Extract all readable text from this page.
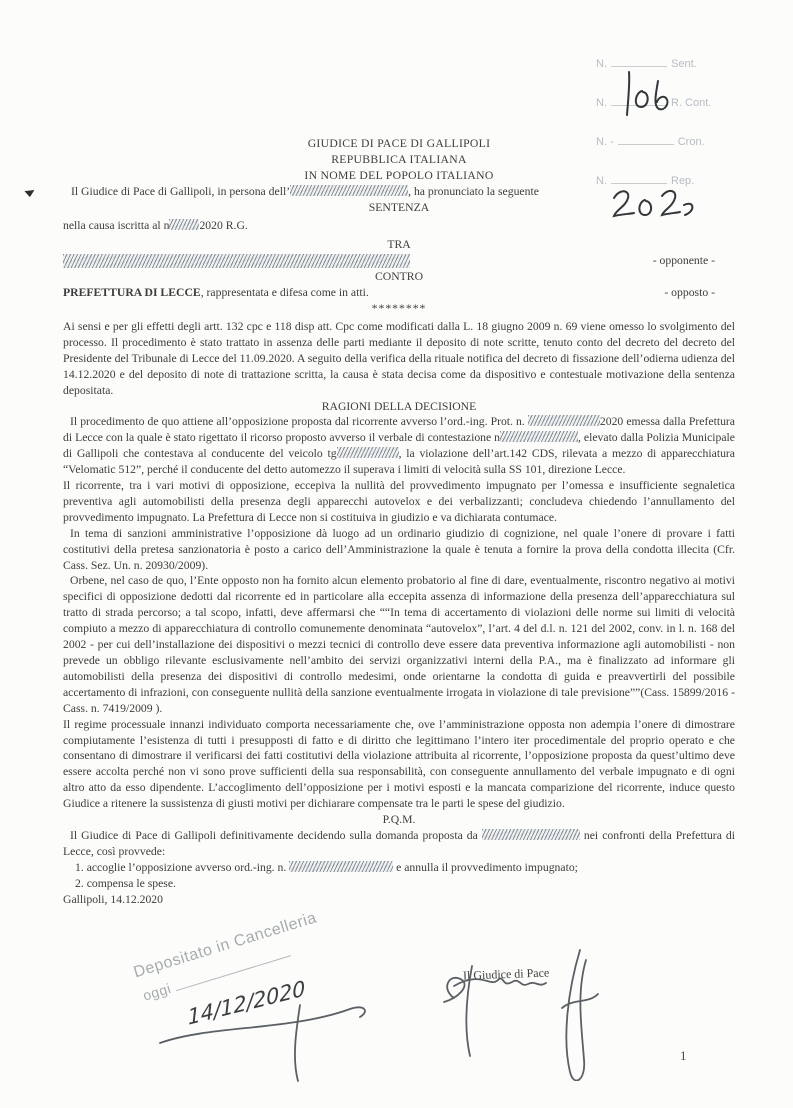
N.	Sent.
N.	R. Cont.
N. -	Cron.
N.	Rep.
GIUDICE DI PACE DI GALLIPOLI
REPUBBLICA ITALIANA
IN NOME DEL POPOLO ITALIANO
Il Giudice di Pace di Gallipoli, in persona dell’	, ha pronunciato la seguente
SENTENZA
nella causa iscritta al n	2020 R.G.
TRA
- opponente -
CONTRO
PREFETTURA DI LECCE, rappresentata e difesa come in atti.	- opposto -
********
Ai sensi e per gli effetti degli artt. 132 cpc e 118 disp att. Cpc come modificati dalla L. 18 giugno 2009 n. 69 viene omesso lo svolgimento del processo. Il procedimento è stato trattato in assenza delle parti mediante il deposito di note scritte, tenuto conto del decreto del decreto del Presidente del Tribunale di Lecce del 11.09.2020. A seguito della verifica della rituale notifica del decreto di fissazione dell’odierna udienza del 14.12.2020 e del deposito di note di trattazione scritta, la causa è stata decisa come da dispositivo e contestuale motivazione della sentenza depositata.
RAGIONI DELLA DECISIONE
Il procedimento de quo attiene all’opposizione proposta dal ricorrente avverso l’ord.-ing. Prot. n.	2020 emessa dalla Prefettura di Lecce con la quale è stato rigettato il ricorso proposto avverso il verbale di contestazione n	, elevato dalla Polizia Municipale di Gallipoli che contestava al conducente del veicolo tg	, la violazione dell’art.142 CDS, rilevata a mezzo di apparecchiatura “Velomatic 512”, perché il conducente del detto automezzo il superava i limiti di velocità sulla SS 101, direzione Lecce.
Il ricorrente, tra i vari motivi di opposizione, eccepiva la nullità del provvedimento impugnato per l’omessa e insufficiente segnaletica preventiva agli automobilisti della presenza degli apparecchi autovelox e dei verbalizzanti; concludeva chiedendo l’annullamento del provvedimento impugnato. La Prefettura di Lecce non si costituiva in giudizio e va dichiarata contumace.
In tema di sanzioni amministrative l’opposizione dà luogo ad un ordinario giudizio di cognizione, nel quale l’onere di provare i fatti costitutivi della pretesa sanzionatoria è posto a carico dell’Amministrazione la quale è tenuta a fornire la prova della condotta illecita (Cfr. Cass. Sez. Un. n. 20930/2009).
Orbene, nel caso de quo, l’Ente opposto non ha fornito alcun elemento probatorio al fine di dare, eventualmente, riscontro negativo ai motivi specifici di opposizione dedotti dal ricorrente ed in particolare alla eccepita assenza di informazione della presenza dell’apparecchiatura sul tratto di strada percorso; a tal scopo, infatti, deve affermarsi che ““In tema di accertamento di violazioni delle norme sui limiti di velocità compiuto a mezzo di apparecchiatura di controllo comunemente denominata “autovelox”, l’art. 4 del d.l. n. 121 del 2002, conv. in l. n. 168 del 2002 - per cui dell’installazione dei dispositivi o mezzi tecnici di controllo deve essere data preventiva informazione agli automobilisti - non prevede un obbligo rilevante esclusivamente nell’ambito dei servizi organizzativi interni della P.A., ma è finalizzato ad informare gli automobilisti della presenza dei dispositivi di controllo medesimi, onde orientarne la condotta di guida e preavvertirli del possibile accertamento di infrazioni, con conseguente nullità della sanzione eventualmente irrogata in violazione di tale previsione””(Cass. 15899/2016 - Cass. n. 7419/2009 ).
Il regime processuale innanzi individuato comporta necessariamente che, ove l’amministrazione opposta non adempia l’onere di dimostrare compiutamente l’esistenza di tutti i presupposti di fatto e di diritto che legittimano l’intero iter procedimentale del proprio operato e che consentano di dimostrare il verificarsi dei fatti costitutivi della violazione attribuita al ricorrente, l’opposizione proposta da quest’ultimo deve essere accolta perché non vi sono prove sufficienti della sua responsabilità, con conseguente annullamento del verbale impugnato e di ogni altro atto da esso dipendente. L’accoglimento dell’opposizione per i motivi esposti e la mancata comparizione del ricorrente, induce questo Giudice a ritenere la sussistenza di giusti motivi per dichiarare compensate tra le parti le spese del giudizio.
P.Q.M.
Il Giudice di Pace di Gallipoli definitivamente decidendo sulla domanda proposta da	nei confronti della Prefettura di Lecce, così provvede:
1. accoglie l’opposizione avverso ord.-ing. n.	e annulla il provvedimento impugnato;
2. compensa le spese.
Gallipoli, 14.12.2020
Depositato in Cancelleria
oggi 14/12/2020
Il Giudice di Pace
1
